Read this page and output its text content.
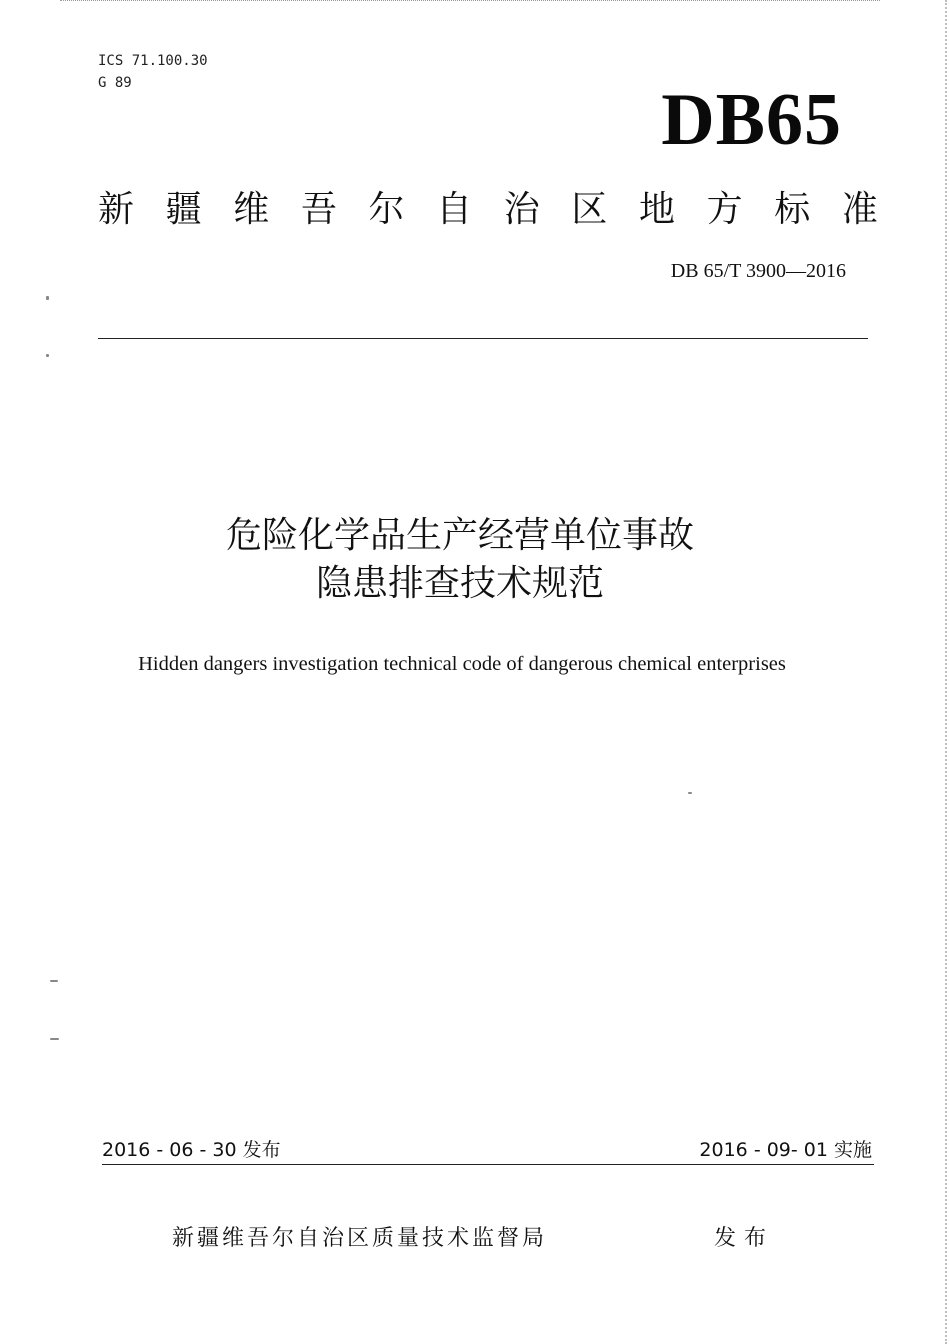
ICS 71.100.30
G 89	DB65
新 疆 维 吾 尔 自 治 区 地 方 标 准
DB 65/T 3900—2016
危险化学品生产经营单位事故
隐患排查技术规范
Hidden dangers investigation technical code of dangerous chemical enterprises
2016 - 06 - 30 发布	2016 - 09- 01 实施
新疆维吾尔自治区质量技术监督局	发布
